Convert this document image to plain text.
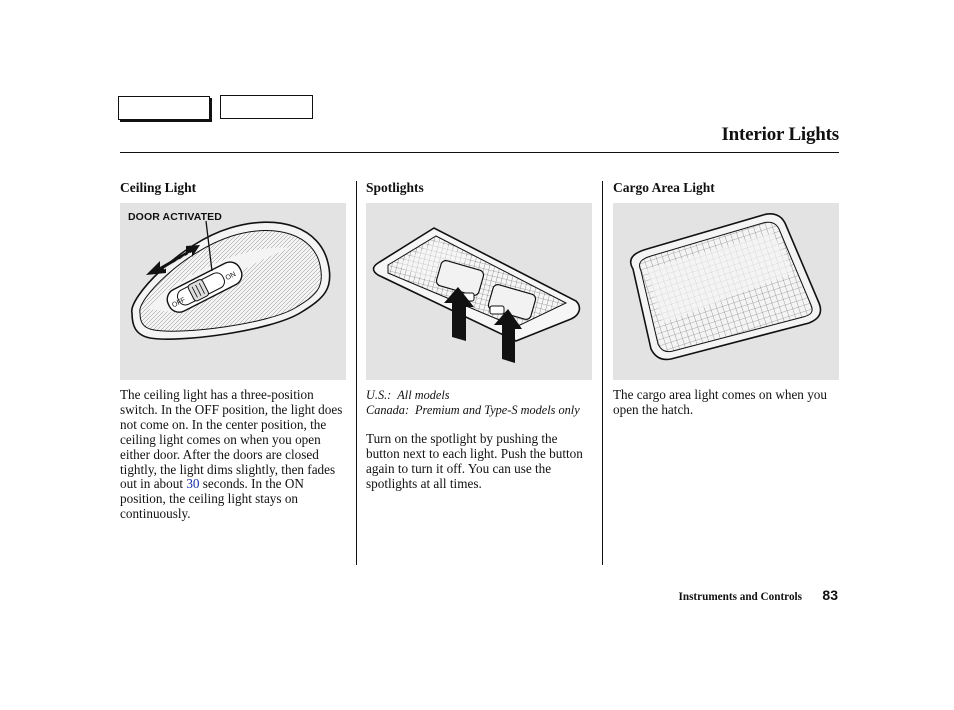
Interior Lights
Ceiling Light
OFF
ON
DOOR ACTIVATED
The ceiling light has a three-position switch. In the OFF position, the light does not come on. In the center position, the ceiling light comes on when you open either door. After the doors are closed tightly, the light dims slightly, then fades out in about 30 seconds. In the ON position, the ceiling light stays on continuously.
Spotlights
U.S.: All models
Canada: Premium and Type-S models only
Turn on the spotlight by pushing the button next to each light. Push the button again to turn it off. You can use the spotlights at all times.
Cargo Area Light
The cargo area light comes on when you open the hatch.
Instruments and Controls 83
